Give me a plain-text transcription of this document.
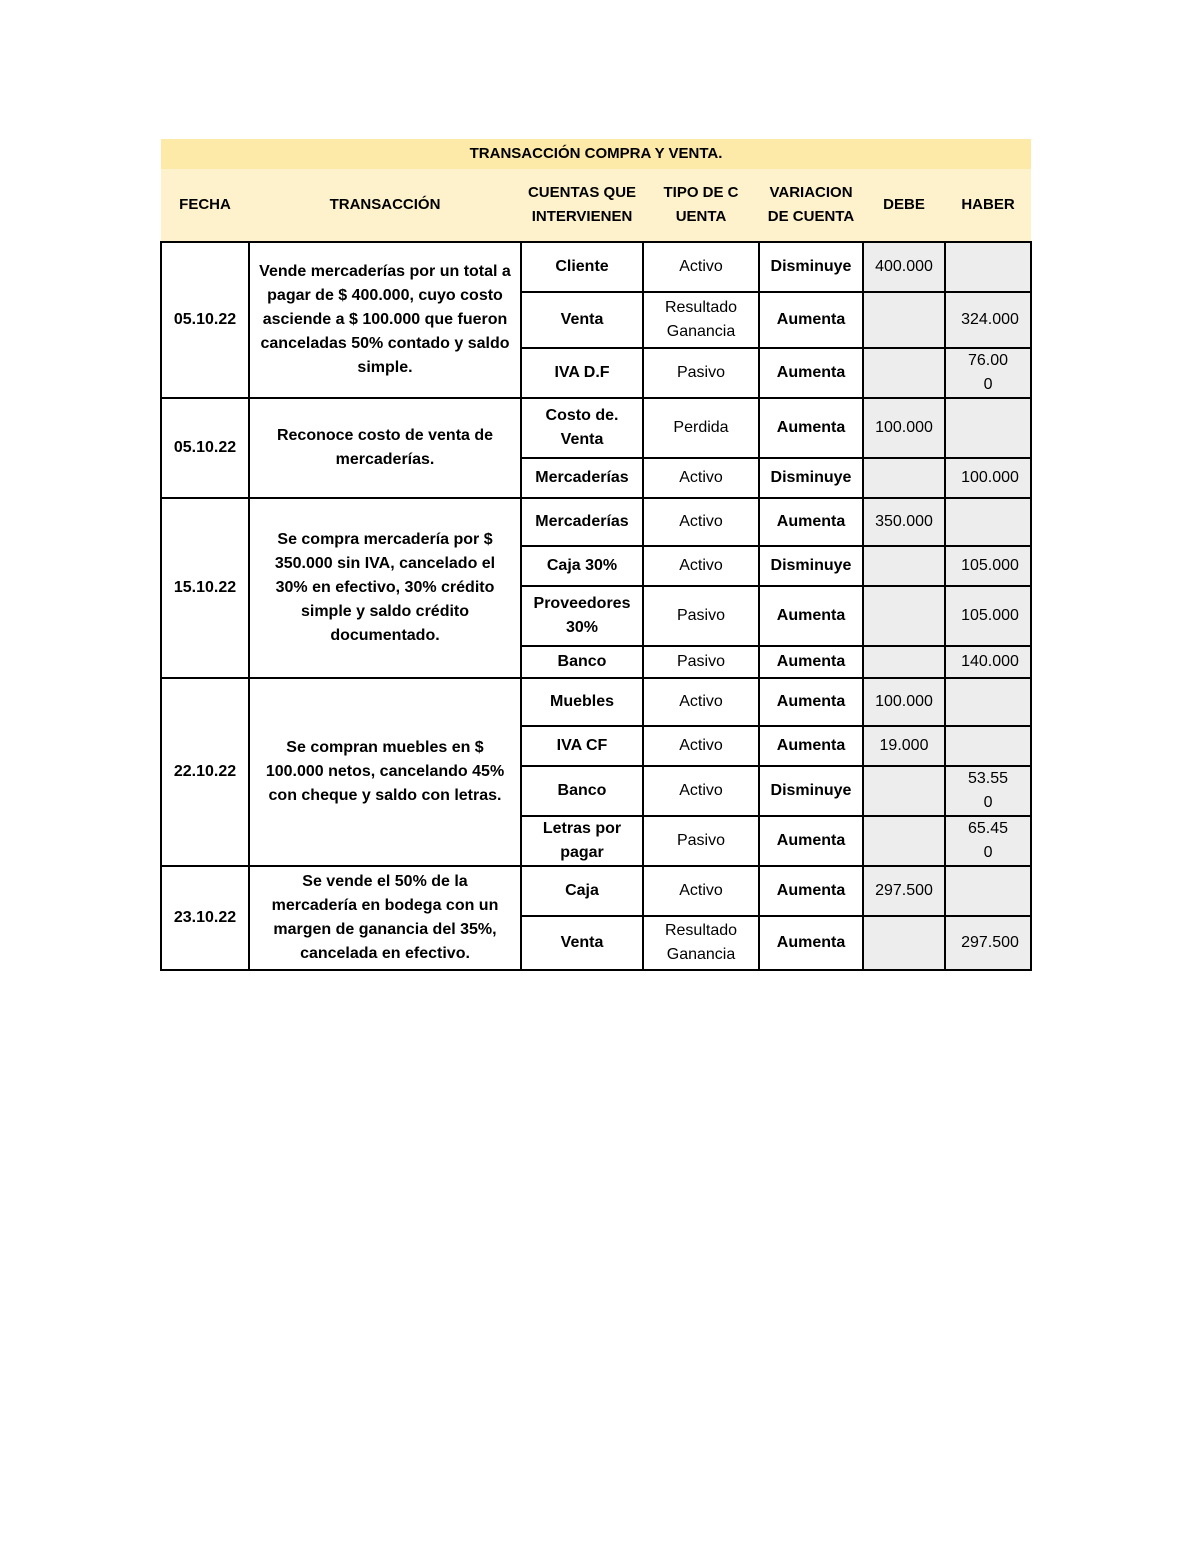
TRANSACCIÓN COMPRA Y VENTA.						
FECHA	TRANSACCIÓN	CUENTAS QUE INTERVIENEN	TIPO DE CUENTA	VARIACION DE CUENTA	DEBE	HABER
05.10.22	Vende mercaderías por un total a pagar de $ 400.000, cuyo costo asciende a $ 100.000 que fueron canceladas 50% contado y saldo simple.	Cliente	Activo	Disminuye	400.000	
		Venta	Resultado Ganancia	Aumenta		324.000
		IVA D.F	Pasivo	Aumenta		76.000
05.10.22	Reconoce costo de venta de mercaderías.	Costo de. Venta	Perdida	Aumenta	100.000	
		Mercaderías	Activo	Disminuye		100.000
15.10.22	Se compra mercadería por $ 350.000 sin IVA, cancelado el 30% en efectivo, 30% crédito simple y saldo crédito documentado.	Mercaderías	Activo	Aumenta	350.000	
		Caja 30%	Activo	Disminuye		105.000
		Proveedores 30%	Pasivo	Aumenta		105.000
		Banco	Pasivo	Aumenta		140.000
22.10.22	Se compran muebles en $ 100.000 netos, cancelando 45% con cheque y saldo con letras.	Muebles	Activo	Aumenta	100.000	
		IVA CF	Activo	Aumenta	19.000	
		Banco	Activo	Disminuye		53.550
		Letras por pagar	Pasivo	Aumenta		65.450
23.10.22	Se vende el 50% de la mercadería en bodega con un margen de ganancia del 35%, cancelada en efectivo.	Caja	Activo	Aumenta	297.500	
		Venta	Resultado Ganancia	Aumenta		297.500
